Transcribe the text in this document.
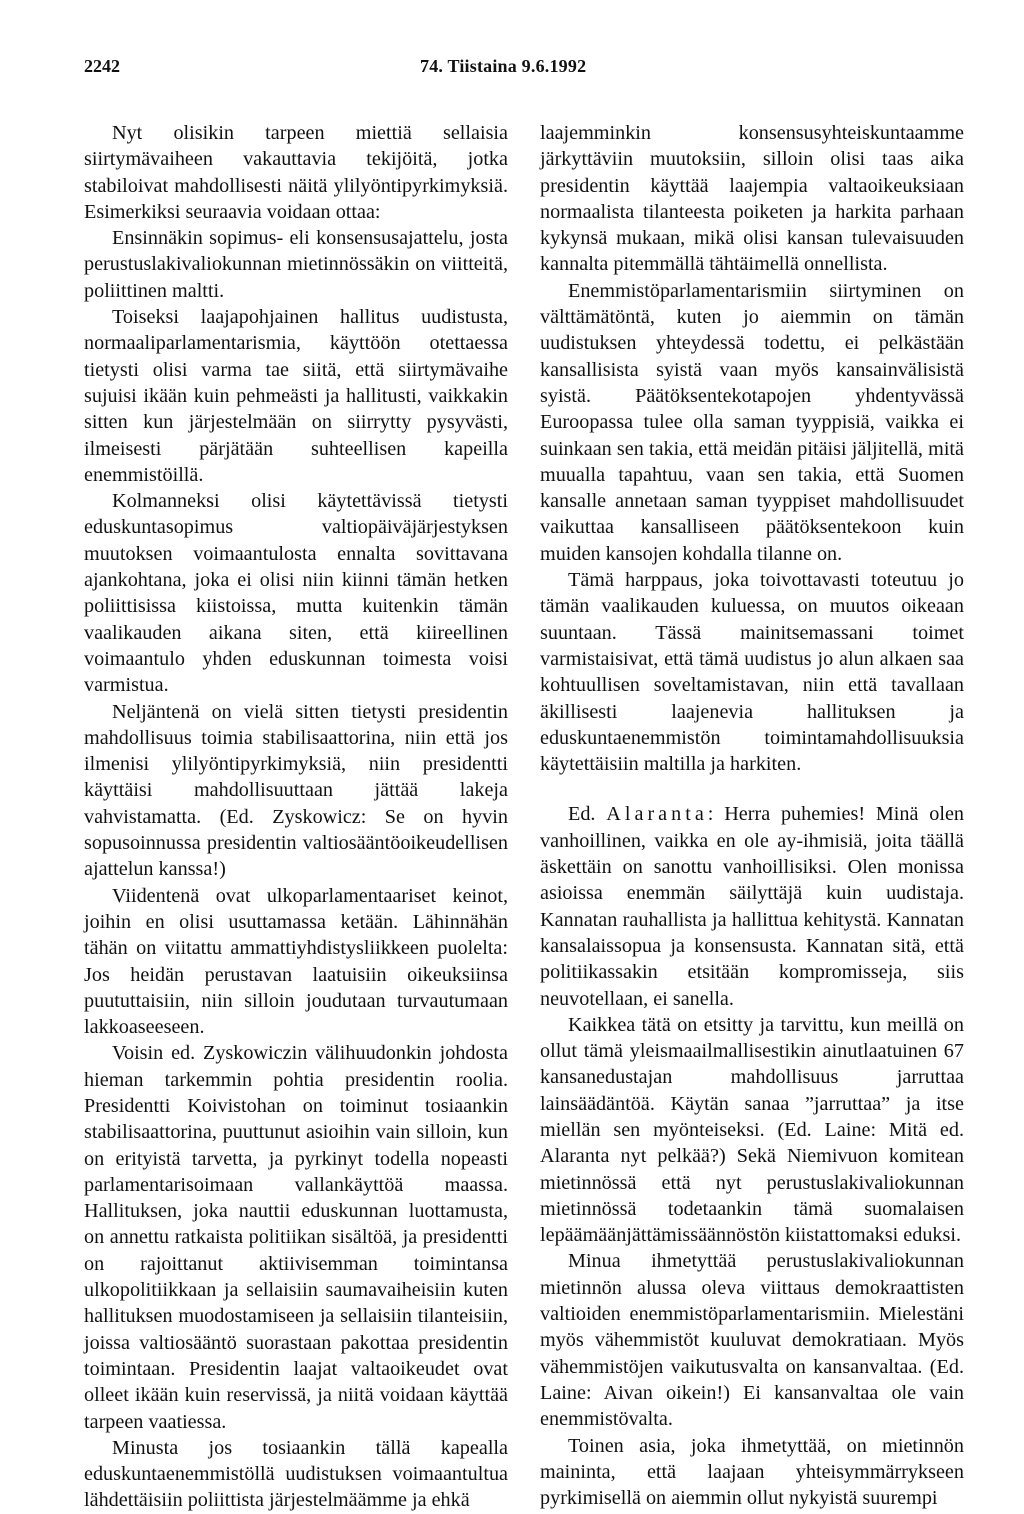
2242	74. Tiistaina 9.6.1992

Nyt olisikin tarpeen miettiä sellaisia siirtymävaiheen vakauttavia tekijöitä, jotka stabiloivat mahdollisesti näitä ylilyöntipyrkimyksiä. Esimerkiksi seuraavia voidaan ottaa:

Ensinnäkin sopimus- eli konsensusajattelu, josta perustuslakivaliokunnan mietinnössäkin on viitteitä, poliittinen maltti.

Toiseksi laajapohjainen hallitus uudistusta, normaaliparlamentarismia, käyttöön otettaessa tietysti olisi varma tae siitä, että siirtymävaihe sujuisi ikään kuin pehmeästi ja hallitusti, vaikkakin sitten kun järjestelmään on siirrytty pysyvästi, ilmeisesti pärjätään suhteellisen kapeilla enemmistöillä.

Kolmanneksi olisi käytettävissä tietysti eduskuntasopimus valtiopäiväjärjestyksen muutoksen voimaantulosta ennalta sovittavana ajankohtana, joka ei olisi niin kiinni tämän hetken poliittisissa kiistoissa, mutta kuitenkin tämän vaalikauden aikana siten, että kiireellinen voimaantulo yhden eduskunnan toimesta voisi varmistua.

Neljäntenä on vielä sitten tietysti presidentin mahdollisuus toimia stabilisaattorina, niin että jos ilmenisi ylilyöntipyrkimyksiä, niin presidentti käyttäisi mahdollisuuttaan jättää lakeja vahvistamatta. (Ed. Zyskowicz: Se on hyvin sopusoinnussa presidentin valtiosääntöoikeudellisen ajattelun kanssa!)

Viidentenä ovat ulkoparlamentaariset keinot, joihin en olisi usuttamassa ketään. Lähinnähän tähän on viitattu ammattiyhdistysliikkeen puolelta: Jos heidän perustavan laatuisiin oikeuksiinsa puututtaisiin, niin silloin joudutaan turvautumaan lakkoaseeseen.

Voisin ed. Zyskowiczin välihuudonkin johdosta hieman tarkemmin pohtia presidentin roolia. Presidentti Koivistohan on toiminut tosiaankin stabilisaattorina, puuttunut asioihin vain silloin, kun on erityistä tarvetta, ja pyrkinyt todella nopeasti parlamentarisoimaan vallankäyttöä maassa. Hallituksen, joka nauttii eduskunnan luottamusta, on annettu ratkaista politiikan sisältöä, ja presidentti on rajoittanut aktiivisemman toimintansa ulkopolitiikkaan ja sellaisiin saumavaiheisiin kuten hallituksen muodostamiseen ja sellaisiin tilanteisiin, joissa valtiosääntö suorastaan pakottaa presidentin toimintaan. Presidentin laajat valtaoikeudet ovat olleet ikään kuin reservissä, ja niitä voidaan käyttää tarpeen vaatiessa.

Minusta jos tosiaankin tällä kapealla eduskuntaenemmistöllä uudistuksen voimaantultua lähdettäisiin poliittista järjestelmäämme ja ehkä

laajemminkin konsensusyhteiskuntaamme järkyttäviin muutoksiin, silloin olisi taas aika presidentin käyttää laajempia valtaoikeuksiaan normaalista tilanteesta poiketen ja harkita parhaan kykynsä mukaan, mikä olisi kansan tulevaisuuden kannalta pitemmällä tähtäimellä onnellista.

Enemmistöparlamentarismiin siirtyminen on välttämätöntä, kuten jo aiemmin on tämän uudistuksen yhteydessä todettu, ei pelkästään kansallisista syistä vaan myös kansainvälisistä syistä. Päätöksentekotapojen yhdentyvässä Euroopassa tulee olla saman tyyppisiä, vaikka ei suinkaan sen takia, että meidän pitäisi jäljitellä, mitä muualla tapahtuu, vaan sen takia, että Suomen kansalle annetaan saman tyyppiset mahdollisuudet vaikuttaa kansalliseen päätöksentekoon kuin muiden kansojen kohdalla tilanne on.

Tämä harppaus, joka toivottavasti toteutuu jo tämän vaalikauden kuluessa, on muutos oikeaan suuntaan. Tässä mainitsemassani toimet varmistaisivat, että tämä uudistus jo alun alkaen saa kohtuullisen soveltamistavan, niin että tavallaan äkillisesti laajenevia hallituksen ja eduskuntaenemmistön toimintamahdollisuuksia käytettäisiin maltilla ja harkiten.

Ed. Alaranta: Herra puhemies! Minä olen vanhoillinen, vaikka en ole ay-ihmisiä, joita täällä äskettäin on sanottu vanhoillisiksi. Olen monissa asioissa enemmän säilyttäjä kuin uudistaja. Kannatan rauhallista ja hallittua kehitystä. Kannatan kansalaissopua ja konsensusta. Kannatan sitä, että politiikassakin etsitään kompromisseja, siis neuvotellaan, ei sanella.

Kaikkea tätä on etsitty ja tarvittu, kun meillä on ollut tämä yleismaailmallisestikin ainutlaatuinen 67 kansanedustajan mahdollisuus jarruttaa lainsäädäntöä. Käytän sanaa ”jarruttaa” ja itse miellän sen myönteiseksi. (Ed. Laine: Mitä ed. Alaranta nyt pelkää?) Sekä Niemivuon komitean mietinnössä että nyt perustuslakivaliokunnan mietinnössä todetaankin tämä suomalaisen lepäämäänjättämissäännöstön kiistattomaksi eduksi.

Minua ihmetyttää perustuslakivaliokunnan mietinnön alussa oleva viittaus demokraattisten valtioiden enemmistöparlamentarismiin. Mielestäni myös vähemmistöt kuuluvat demokratiaan. Myös vähemmistöjen vaikutusvalta on kansanvaltaa. (Ed. Laine: Aivan oikein!) Ei kansanvaltaa ole vain enemmistövalta.

Toinen asia, joka ihmetyttää, on mietinnön maininta, että laajaan yhteisymmärrykseen pyrkimisellä on aiemmin ollut nykyistä suurempi
